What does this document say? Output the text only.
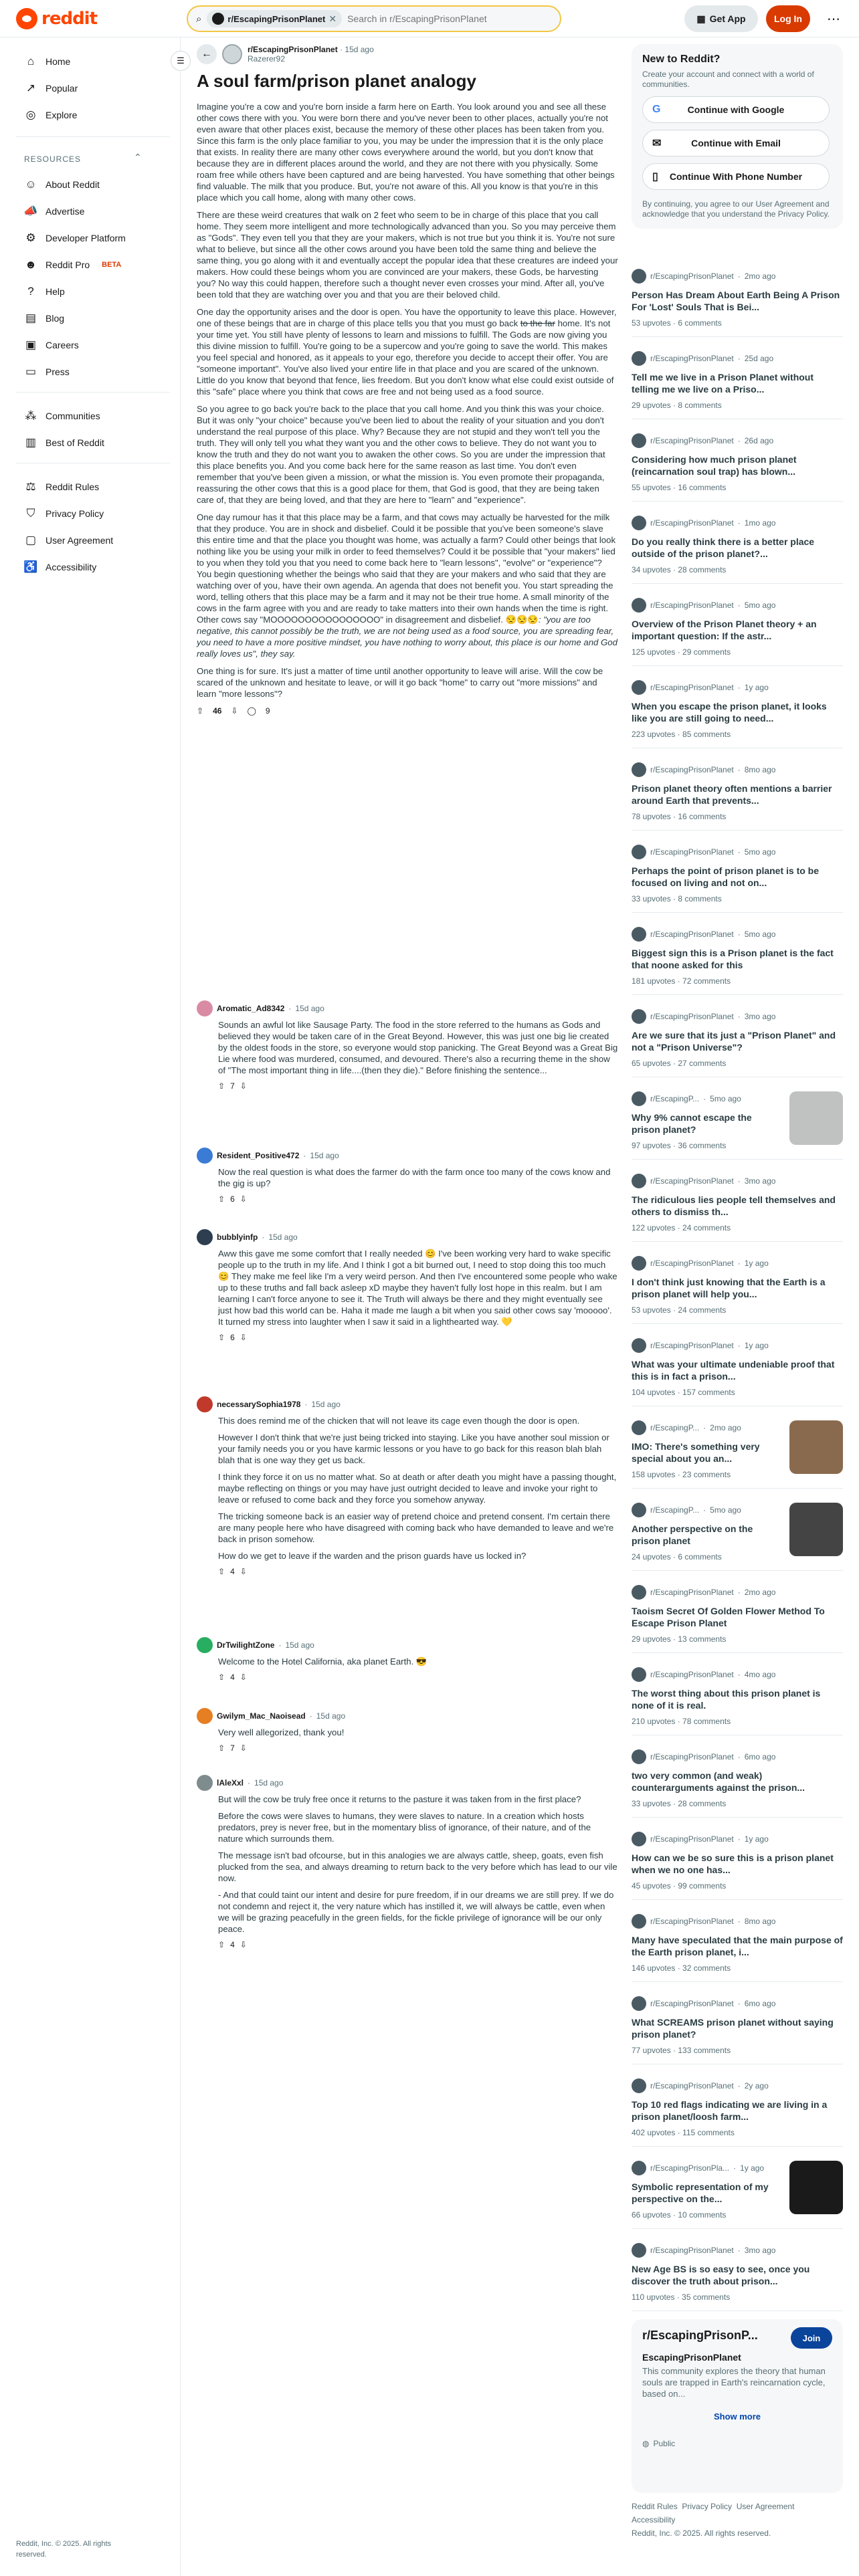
reddit	⌕	r/EscapingPrisonPlanet ✕
Search in r/EscapingPrisonPlanet	▦ Get App	Log In	⋯
⌂	Home
↗ Popular
◎ Explore
RESOURCES	⌃
☺ About Reddit
📣 Advertise
⚙ Developer Platform
☻ Reddit Pro BETA
?	Help
▤ Blog
▣ Careers
▭ Press
⁂ Communities
▥ Best of Reddit
⚖ Reddit Rules
⛉ Privacy Policy
▢ User Agreement
♿ Accessibility
Reddit, Inc. © 2025. All rights reserved.
☰
←	r/EscapingPrisonPlanet · 15d ago
Razerer92
A soul farm/prison planet analogy

Imagine you're a cow and you're born inside a farm here on Earth. You look around you and see all these other cows there with you. You were born there and you've never been to other places, actually you're not even aware that other places exist, because the memory of these other places has been taken from you. Since this farm is the only place familiar to you, you may be under the impression that it is the only place that exists. In reality there are many other cows everywhere around the world, but you don't know that because they are in different places around the world, and they are not there with you physically. Some roam free while others have been captured and are being harvested. You have something that other beings find valuable. The milk that you produce. But, you're not aware of this. All you know is that you're in this place which you call home, along with many other cows.

There are these weird creatures that walk on 2 feet who seem to be in charge of this place that you call home. They seem more intelligent and more technologically advanced than you. So you may perceive them as "Gods". They even tell you that they are your makers, which is not true but you think it is. You're not sure what to believe, but since all the other cows around you have been told the same thing and believe the same thing, you go along with it and eventually accept the popular idea that these creatures are indeed your makers. How could these beings whom you are convinced are your makers, these Gods, be harvesting you? No way this could happen, therefore such a thought never even crosses your mind. After all, you've been told that they are watching over you and that you are their beloved child.

One day the opportunity arises and the door is open. You have the opportunity to leave this place. However, one of these beings that are in charge of this place tells you that you must go back to the far home. It's not your time yet. You still have plenty of lessons to learn and missions to fulfill. The Gods are now giving you this divine mission to fulfill. You're going to be a supercow and you're going to save the world. This makes you feel special and honored, as it appeals to your ego, therefore you decide to accept their offer. You are "someone important". You've also lived your entire life in that place and you are scared of the unknown. Little do you know that beyond that fence, lies freedom. But you don't know what else could exist outside of this "safe" place where you think that cows are free and not being used as a food source.

So you agree to go back you're back to the place that you call home. And you think this was your choice. But it was only "your choice" because you've been lied to about the reality of your situation and you don't understand the real purpose of this place. Why? Because they are not stupid and they won't tell you the truth. They will only tell you what they want you and the other cows to believe. They do not want you to know the truth and they do not want you to awaken the other cows. So you are under the impression that this place benefits you. And you come back here for the same reason as last time. You don't even remember that you've been given a mission, or what the mission is. You even promote their propaganda, reassuring the other cows that this is a good place for them, that God is good, that they are being taken care of, that they are being loved, and that they are here to "learn" and "experience".

One day rumour has it that this place may be a farm, and that cows may actually be harvested for the milk that they produce. You are in shock and disbelief. Could it be possible that you've been someone's slave this entire time and that the place you thought was home, was actually a farm? Could other beings that look nothing like you be using your milk in order to feed themselves? Could it be possible that "your makers" lied to you when they told you that you need to come back here to "learn lessons", "evolve" or "experience"? You begin questioning whether the beings who said that they are your makers and who said that they are watching over of you, have their own agenda. An agenda that does not benefit you. You start spreading the word, telling others that this place may be a farm and it may not be their true home. A small minority of the cows in the farm agree with you and are ready to take matters into their own hands when the time is right. Other cows say "MOOOOOOOOOOOOOOOO" in disagreement and disbelief. 😒😒😒: "you are too negative, this cannot possibly be the truth, we are not being used as a food source, you are spreading fear, you need to have a more positive mindset, you have nothing to worry about, this place is our home and God really loves us", they say.

One thing is for sure. It's just a matter of time until another opportunity to leave will arise. Will the cow be scared of the unknown and hesitate to leave, or will it go back "home" to carry out "more missions" and learn "more lessons"?

⇧ 46 ⇩ ◯ 9
Aromatic_Ad8342 · 15d ago

Sounds an awful lot like Sausage Party. The food in the store referred to the humans as Gods and believed they would be taken care of in the Great Beyond. However, this was just one big lie created by the oldest foods in the store, so everyone would stop panicking. The Great Beyond was a Great Big Lie where food was murdered, consumed, and devoured. There's also a recurring theme in the show of "The most important thing in life....(then they die)." Before finishing the sentence...

⇧ 7 ⇩
Resident_Positive472 · 15d ago

Now the real question is what does the farmer do with the farm once too many of the cows know and the gig is up?

⇧ 6 ⇩
bubblyinfp · 15d ago

Aww this gave me some comfort that I really needed 😊 I've been working very hard to wake specific people up to the truth in my life. And I think I got a bit burned out, I need to stop doing this too much 😊 They make me feel like I'm a very weird person. And then I've encountered some people who wake up to these truths and fall back asleep xD maybe they haven't fully lost hope in this realm. but I am learning I can't force anyone to see it. The Truth will always be there and they might eventually see just how bad this world can be. Haha it made me laugh a bit when you said other cows say 'mooooo'. It turned my stress into laughter when I saw it said in a lighthearted way. 💛

⇧ 6 ⇩
necessarySophia1978 · 15d ago

This does remind me of the chicken that will not leave its cage even though the door is open.

However I don't think that we're just being tricked into staying. Like you have another soul mission or your family needs you or you have karmic lessons or you have to go back for this reason blah blah blah that is one way they get us back.

I think they force it on us no matter what. So at death or after death you might have a passing thought, maybe reflecting on things or you may have just outright decided to leave and invoke your right to leave or refused to come back and they force you somehow anyway.

The tricking someone back is an easier way of pretend choice and pretend consent. I'm certain there are many people here who have disagreed with coming back who have demanded to leave and we're back in prison somehow.

How do we get to leave if the warden and the prison guards have us locked in?

⇧ 4 ⇩
DrTwilightZone · 15d ago

Welcome to the Hotel California, aka planet Earth. 😎

⇧ 4 ⇩
Gwilym_Mac_Naoisead · 15d ago

Very well allegorized, thank you!

⇧ 7 ⇩
lAleXxl · 15d ago

But will the cow be truly free once it returns to the pasture it was taken from in the first place?

Before the cows were slaves to humans, they were slaves to nature. In a creation which hosts predators, prey is never free, but in the momentary bliss of ignorance, of their nature, and of the nature which surrounds them.

The message isn't bad ofcourse, but in this analogies we are always cattle, sheep, goats, even fish plucked from the sea, and always dreaming to return back to the very before which has lead to our vile now.

- And that could taint our intent and desire for pure freedom, if in our dreams we are still prey. If we do not condemn and reject it, the very nature which has instilled it, we will always be cattle, even when we will be grazing peacefully in the green fields, for the fickle privilege of ignorance will be our only peace.

⇧ 4 ⇩
New to Reddit?
Create your account and connect with a world of communities.
G	Continue with Google
✉	Continue with Email
▯ Continue With Phone Number
By continuing, you agree to our User Agreement and acknowledge that you understand the Privacy Policy.
r/EscapingPrisonPlanet · 2mo ago
Person Has Dream About Earth Being A Prison For 'Lost' Souls That is Bei...
53 upvotes · 6 comments
r/EscapingPrisonPlanet · 25d ago
Tell me we live in a Prison Planet without telling me we live on a Priso...
29 upvotes · 8 comments
r/EscapingPrisonPlanet · 26d ago
Considering how much prison planet (reincarnation soul trap) has blown...
55 upvotes · 16 comments
r/EscapingPrisonPlanet · 1mo ago
Do you really think there is a better place outside of the prison planet?...
34 upvotes · 28 comments
r/EscapingPrisonPlanet · 5mo ago
Overview of the Prison Planet theory + an important question: If the astr...
125 upvotes · 29 comments
r/EscapingPrisonPlanet · 1y ago
When you escape the prison planet, it looks like you are still going to need...
223 upvotes · 85 comments
r/EscapingPrisonPlanet · 8mo ago
Prison planet theory often mentions a barrier around Earth that prevents...
78 upvotes · 16 comments
r/EscapingPrisonPlanet · 5mo ago
Perhaps the point of prison planet is to be focused on living and not on...
33 upvotes · 8 comments
r/EscapingPrisonPlanet · 5mo ago
Biggest sign this is a Prison planet is the fact that noone asked for this
181 upvotes · 72 comments
r/EscapingPrisonPlanet · 3mo ago
Are we sure that its just a "Prison Planet" and not a "Prison Universe"?
65 upvotes · 27 comments
r/EscapingP... · 5mo ago
Why 9% cannot escape the prison planet?
97 upvotes · 36 comments
r/EscapingPrisonPlanet · 3mo ago
The ridiculous lies people tell themselves and others to dismiss th...
122 upvotes · 24 comments
r/EscapingPrisonPlanet · 1y ago
I don't think just knowing that the Earth is a prison planet will help you...
53 upvotes · 24 comments
r/EscapingPrisonPlanet · 1y ago
What was your ultimate undeniable proof that this is in fact a prison...
104 upvotes · 157 comments
r/EscapingP... · 2mo ago
IMO: There's something very special about you an...
158 upvotes · 23 comments
r/EscapingP... · 5mo ago
Another perspective on the prison planet
24 upvotes · 6 comments
r/EscapingPrisonPlanet · 2mo ago
Taoism Secret Of Golden Flower Method To Escape Prison Planet
29 upvotes · 13 comments
r/EscapingPrisonPlanet · 4mo ago
The worst thing about this prison planet is none of it is real.
210 upvotes · 78 comments
r/EscapingPrisonPlanet · 6mo ago
two very common (and weak) counterarguments against the prison...
33 upvotes · 28 comments
r/EscapingPrisonPlanet · 1y ago
How can we be so sure this is a prison planet when we no one has...
45 upvotes · 99 comments
r/EscapingPrisonPlanet · 8mo ago
Many have speculated that the main purpose of the Earth prison planet, i...
146 upvotes · 32 comments
r/EscapingPrisonPlanet · 6mo ago
What SCREAMS prison planet without saying prison planet?
77 upvotes · 133 comments
r/EscapingPrisonPlanet · 2y ago
Top 10 red flags indicating we are living in a prison planet/loosh farm...
402 upvotes · 115 comments
r/EscapingPrisonPla... · 1y ago
Symbolic representation of my perspective on the...
66 upvotes · 10 comments
r/EscapingPrisonPlanet · 3mo ago
New Age BS is so easy to see, once you discover the truth about prison...
110 upvotes · 35 comments
r/EscapingPrisonP...	Join
EscapingPrisonPlanet
This community explores the theory that human souls are trapped in Earth's reincarnation cycle, based on...
Show more
◍ Public
Reddit Rules Privacy Policy User Agreement
Accessibility
Reddit, Inc. © 2025. All rights reserved.
